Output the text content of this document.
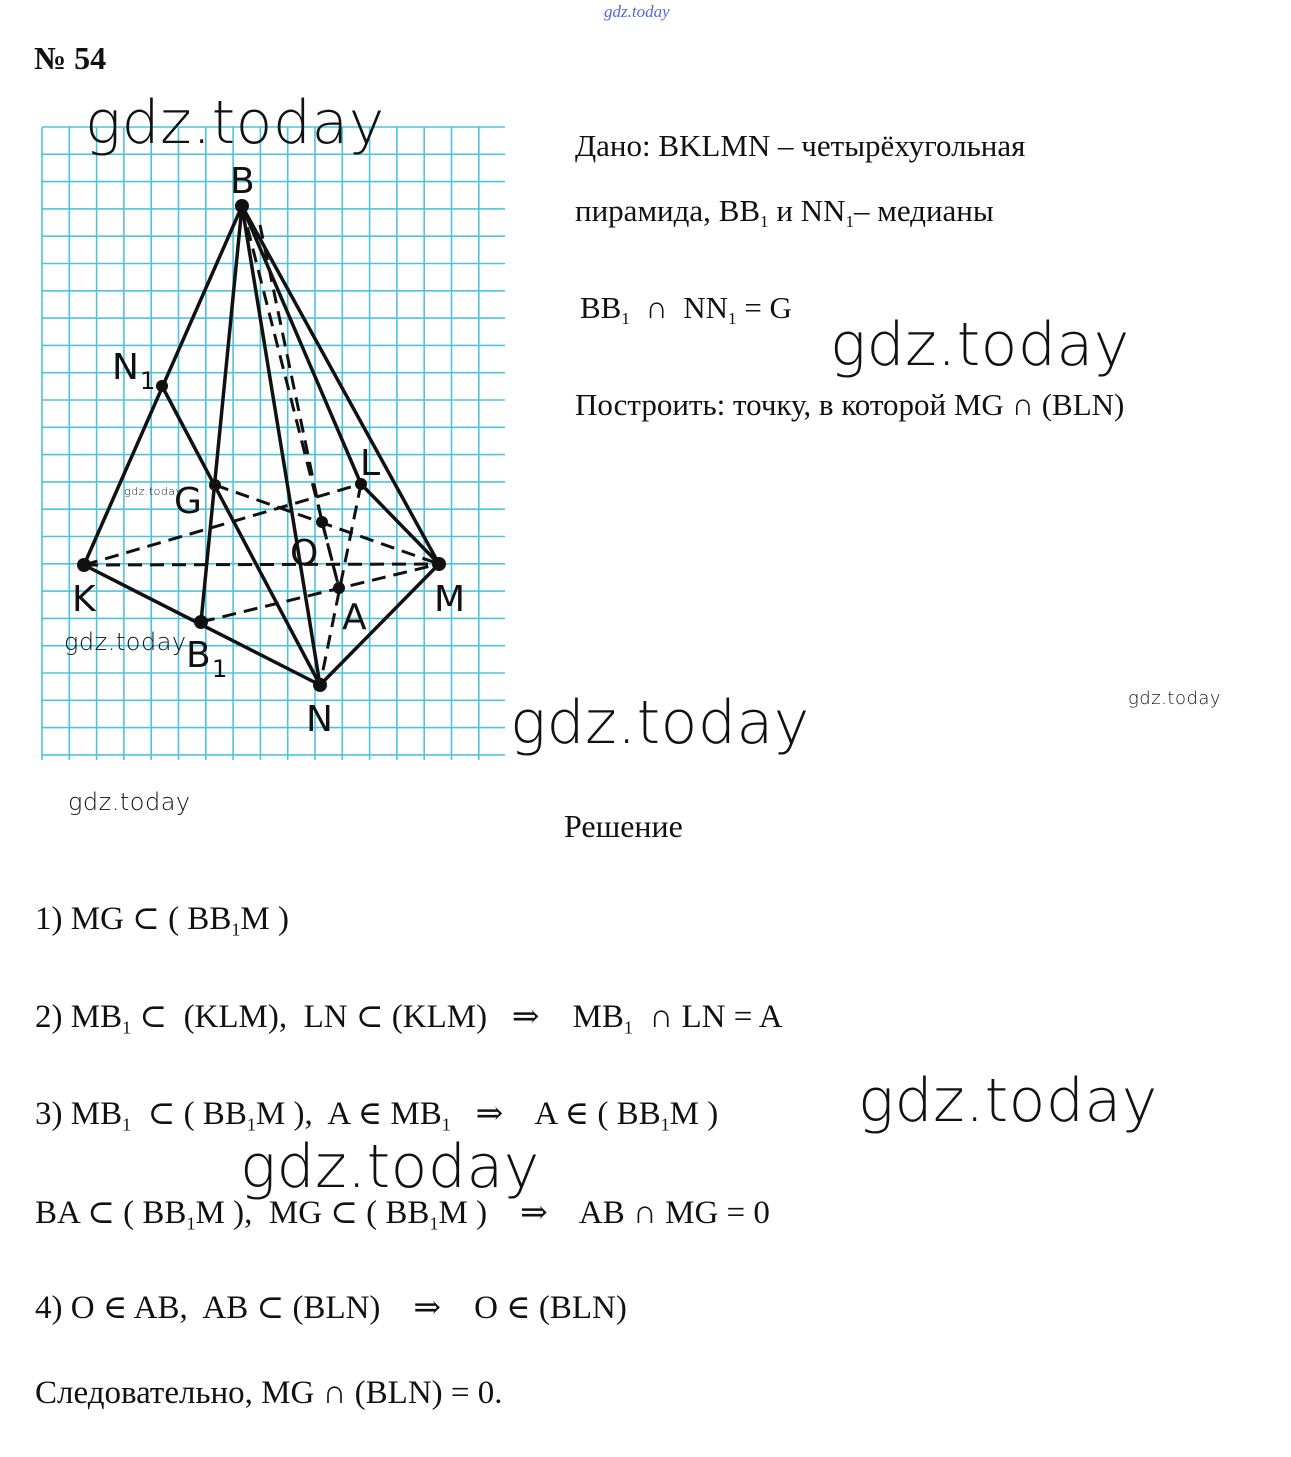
gdz.today
№ 54
B
N 1
G
L
O
K	M
A
B 1
N
Дано: BKLMN – четырёхугольная
пирамида, $BB_1$ и $NN_1-$ медианы
$BB_1$ ∩ $NN_1 = G$
Построить: точку, в которой MG ∩ (BLN)
gdz.today
gdz.today
gdz.today
gdz.today
gdz.today	gdz.today
gdz.today
gdz.today
gdz.today
Решение
1) MG ⊂ ( $BB_1M$ )
2) $MB_1$ ⊂  (KLM),  LN ⊂ (KLM)   ⇒    $MB_1$  ∩ LN = A
3) $MB_1$  ⊂ ( $BB_1M$ ),  A ∈ $MB_1$   ⇒    A ∈ ( $BB_1M$ )
BA ⊂ ( $BB_1M$ ),  MG ⊂ ( $BB_1M$ )    ⇒    AB ∩ MG = 0
4) O ∈ AB,  AB ⊂ (BLN)    ⇒    O ∈ (BLN)
Следовательно, MG ∩ (BLN) = 0.
